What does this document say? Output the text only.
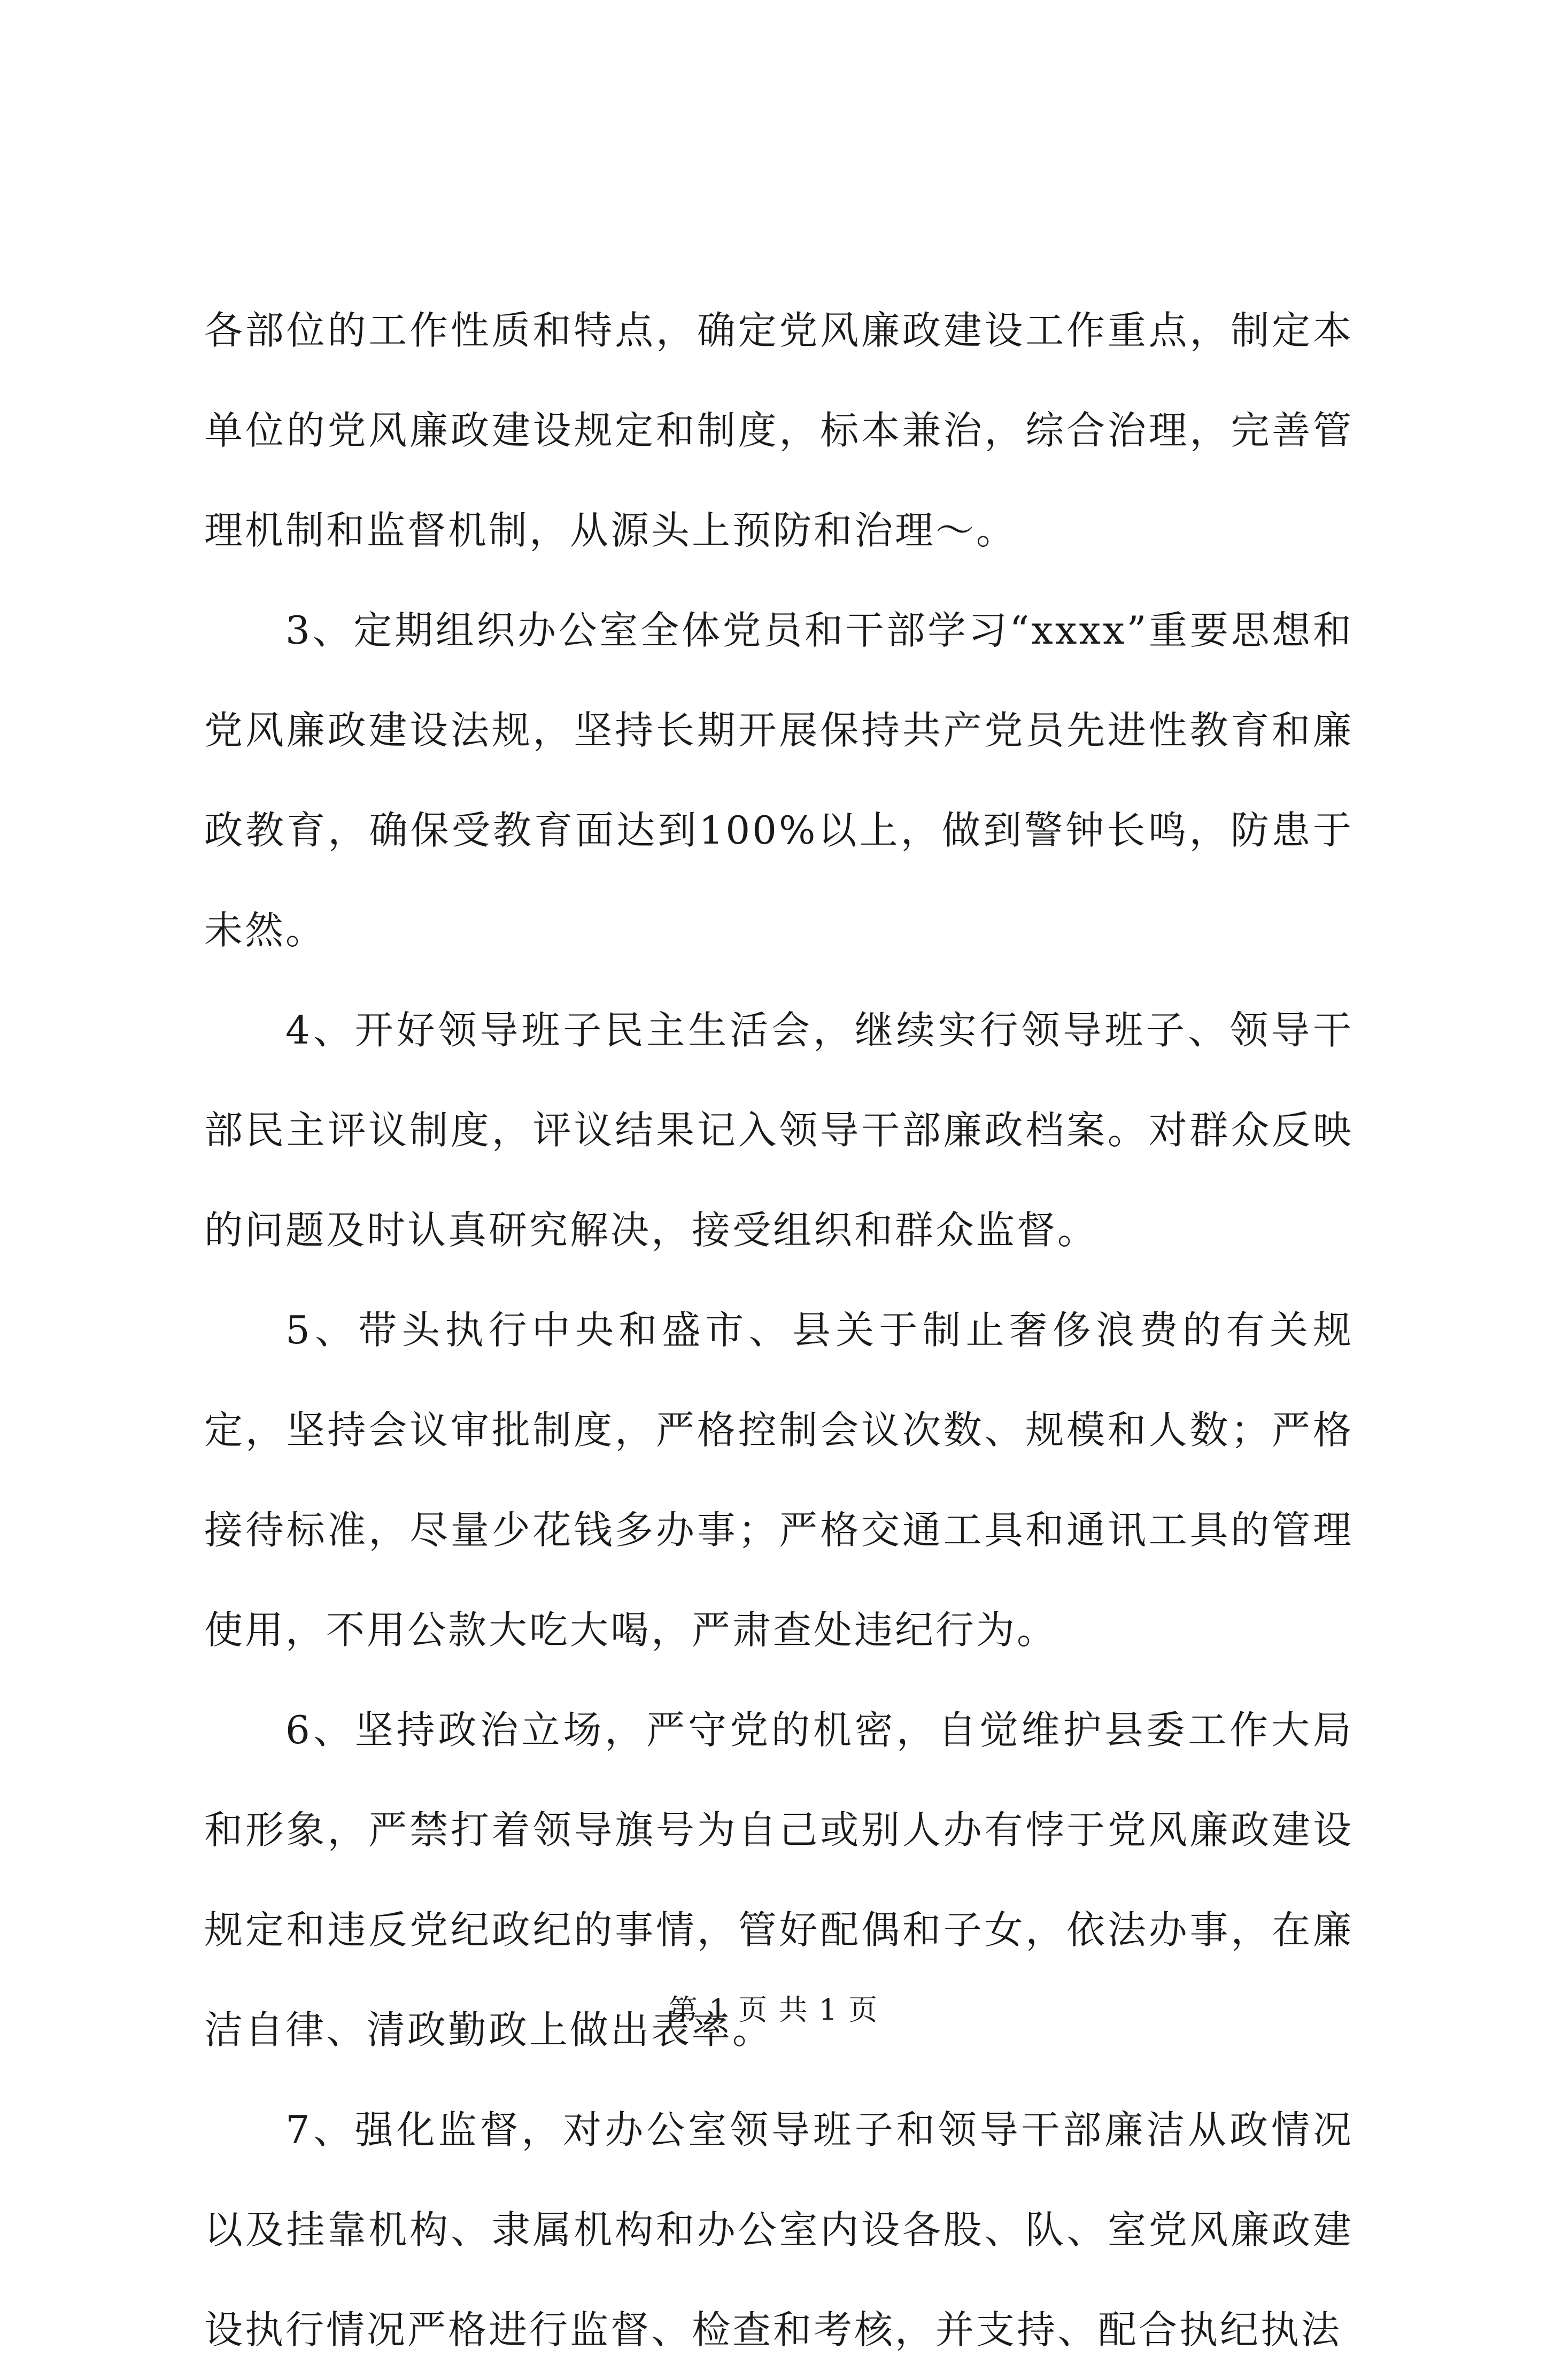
各部位的工作性质和特点，确定党风廉政建设工作重点，制定本单位的党风廉政建设规定和制度，标本兼治，综合治理，完善管理机制和监督机制，从源头上预防和治理～。

3、定期组织办公室全体党员和干部学习“xxxx”重要思想和党风廉政建设法规，坚持长期开展保持共产党员先进性教育和廉政教育，确保受教育面达到100%以上，做到警钟长鸣，防患于未然。

4、开好领导班子民主生活会，继续实行领导班子、领导干部民主评议制度，评议结果记入领导干部廉政档案。对群众反映的问题及时认真研究解决，接受组织和群众监督。

5、带头执行中央和盛市、县关于制止奢侈浪费的有关规定，坚持会议审批制度，严格控制会议次数、规模和人数；严格接待标准，尽量少花钱多办事；严格交通工具和通讯工具的管理使用，不用公款大吃大喝，严肃查处违纪行为。

6、坚持政治立场，严守党的机密，自觉维护县委工作大局和形象，严禁打着领导旗号为自己或别人办有悖于党风廉政建设规定和违反党纪政纪的事情，管好配偶和子女，依法办事，在廉洁自律、清政勤政上做出表率。

7、强化监督，对办公室领导班子和领导干部廉洁从政情况以及挂靠机构、隶属机构和办公室内设各股、队、室党风廉政建设执行情况严格进行监督、检查和考核，并支持、配合执纪执法

第 1 页 共 1 页
